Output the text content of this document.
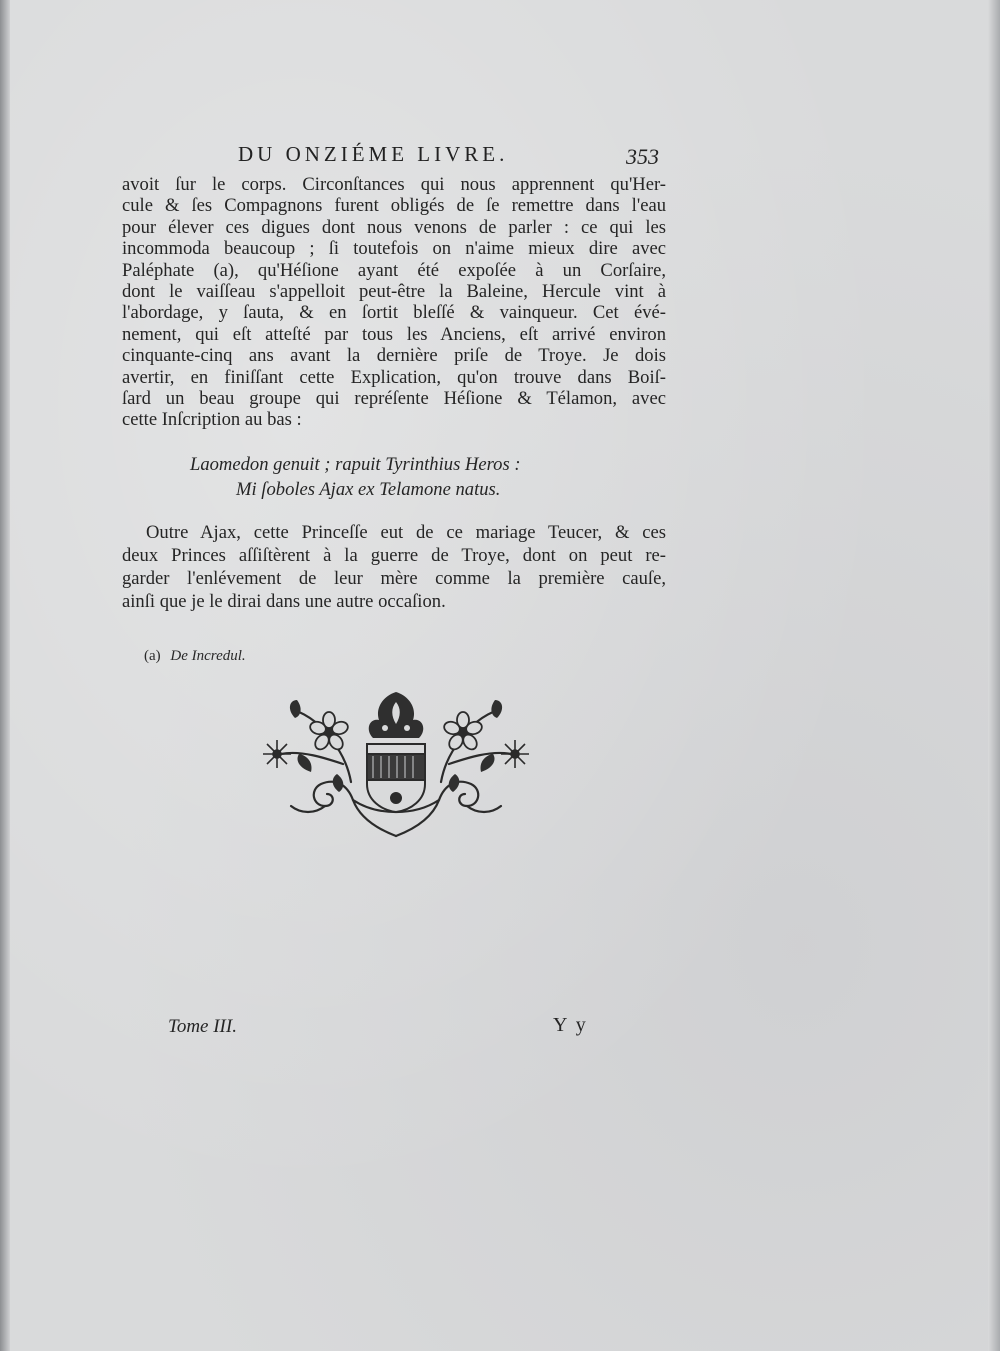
DU ONZIÉME LIVRE.	353
avoit ſur le corps. Circonſtances qui nous apprennent qu'Her-
cule & ſes Compagnons furent obligés de ſe remettre dans l'eau
pour élever ces digues dont nous venons de parler : ce qui les
incommoda beaucoup ; ſi toutefois on n'aime mieux dire avec
Paléphate (a), qu'Héſione ayant été expoſée à un Corſaire,
dont le vaiſſeau s'appelloit peut-être la Baleine, Hercule vint à
l'abordage, y ſauta, & en ſortit bleſſé & vainqueur. Cet évé-
nement, qui eſt atteſté par tous les Anciens, eſt arrivé environ
cinquante-cinq ans avant la dernière priſe de Troye. Je dois
avertir, en finiſſant cette Explication, qu'on trouve dans Boiſ-
ſard un beau groupe qui repréſente Héſione & Télamon, avec
cette Inſcription au bas :
Laomedon genuit ; rapuit Tyrinthius Heros :
Mi ſoboles Ajax ex Telamone natus.
Outre Ajax, cette Princeſſe eut de ce mariage Teucer, & ces
deux Princes aſſiſtèrent à la guerre de Troye, dont on peut re-
garder l'enlévement de leur mère comme la première cauſe,
ainſi que je le dirai dans une autre occaſion.
(a) De Incredul.
Tome III.	Y y
